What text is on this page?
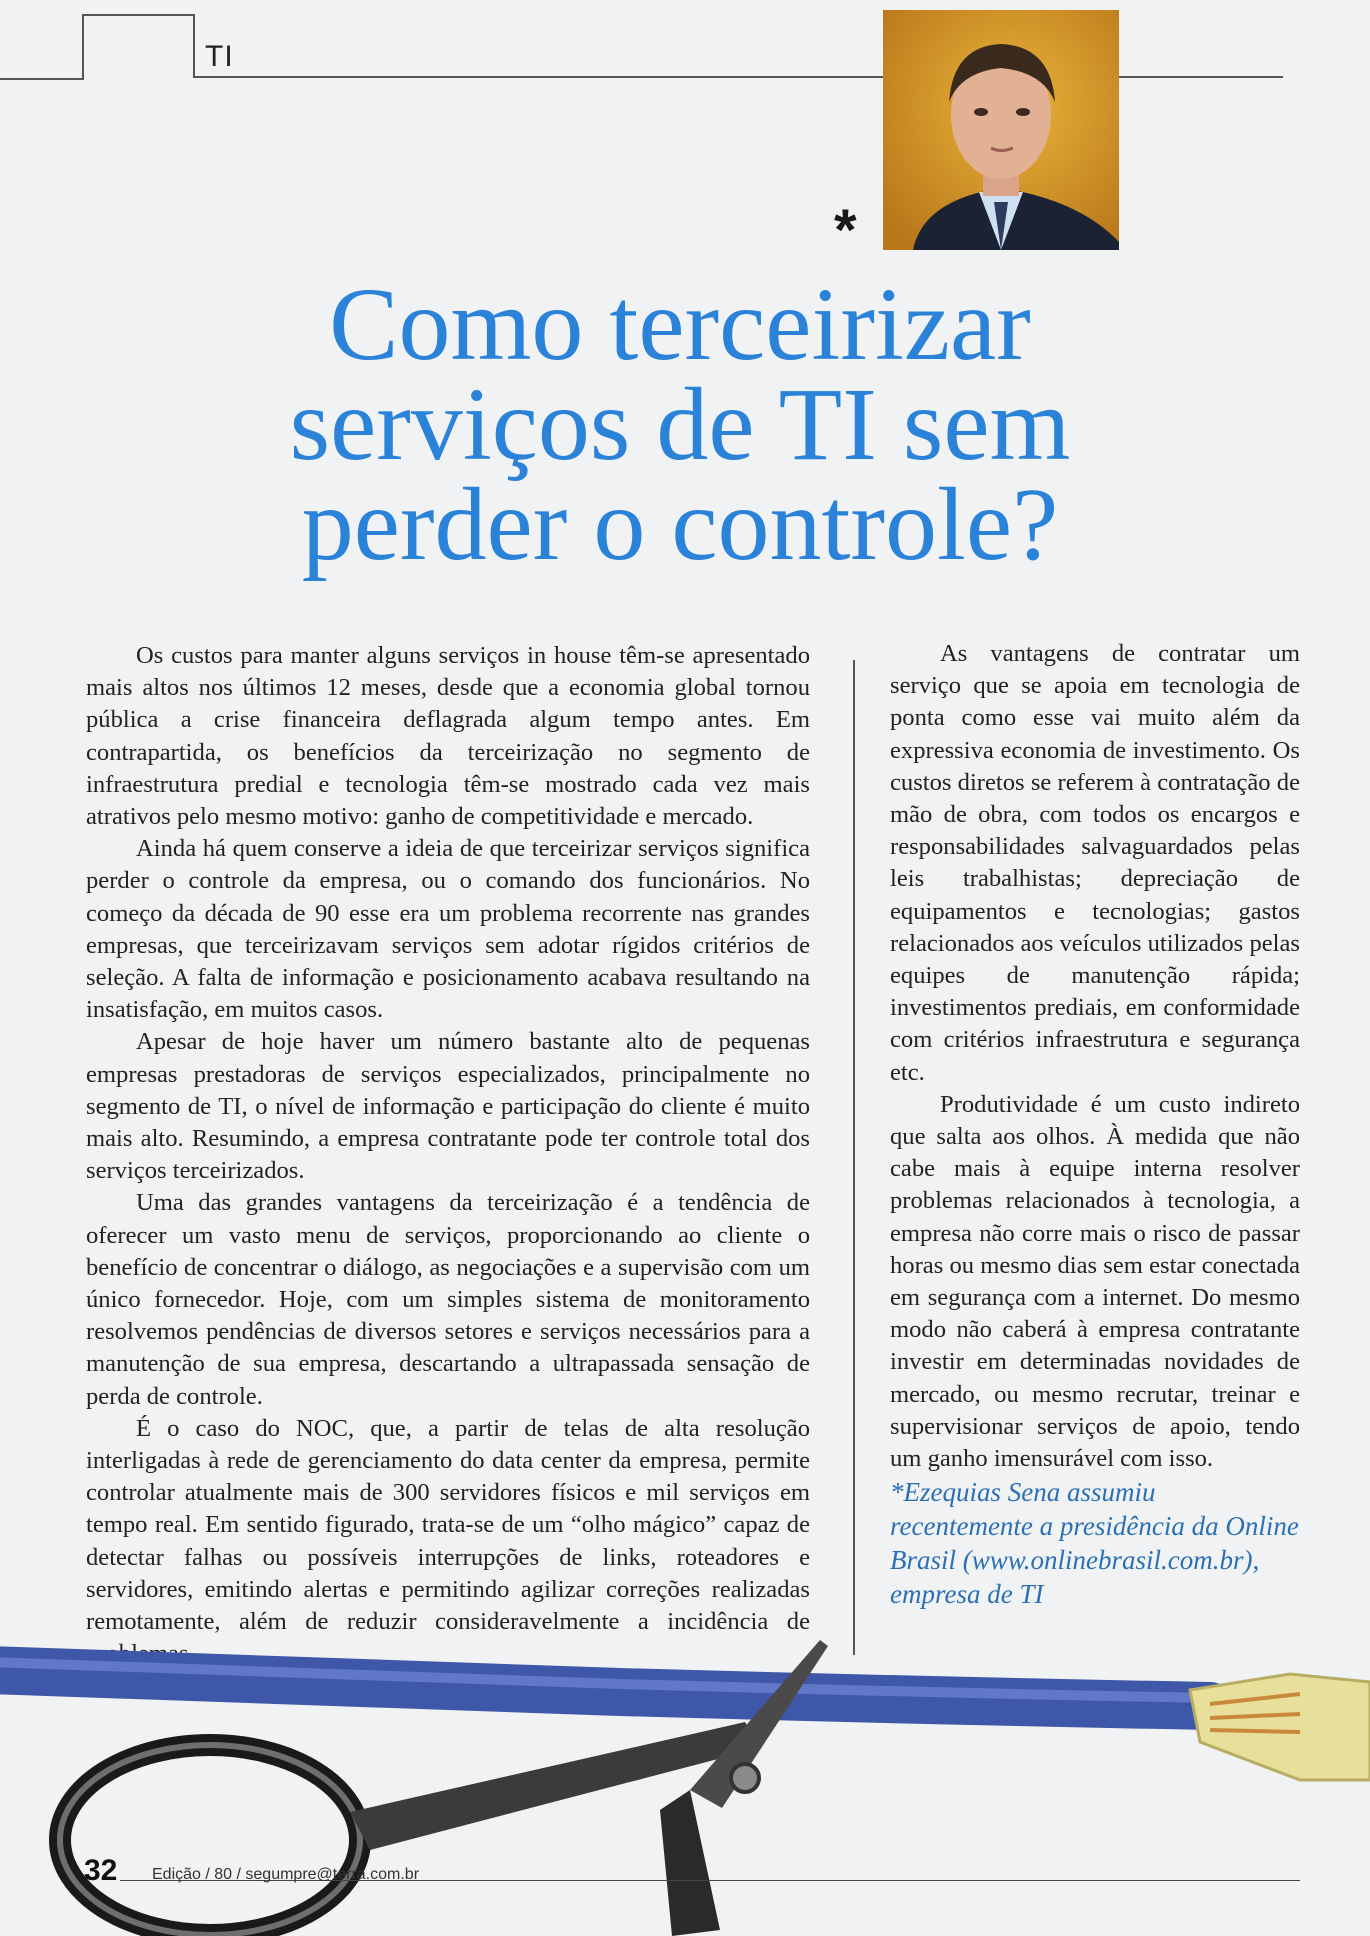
TI
*
Como terceirizar
serviços de TI sem
perder o controle?

Os custos para manter alguns serviços in house têm-se apresentado mais altos nos últimos 12 meses, desde que a economia global tornou pública a crise financeira deflagrada algum tempo antes. Em contrapartida, os benefícios da terceirização no segmento de infraestrutura predial e tecnologia têm-se mostrado cada vez mais atrativos pelo mesmo motivo: ganho de competitividade e mercado.

Ainda há quem conserve a ideia de que terceirizar serviços significa perder o controle da empresa, ou o comando dos funcionários. No começo da década de 90 esse era um problema recorrente nas grandes empresas, que terceirizavam serviços sem adotar rígidos critérios de seleção. A falta de informação e posicionamento acabava resultando na insatisfação, em muitos casos.

Apesar de hoje haver um número bastante alto de pequenas empresas prestadoras de serviços especializados, principalmente no segmento de TI, o nível de informação e participação do cliente é muito mais alto. Resumindo, a empresa contratante pode ter controle total dos serviços terceirizados.

Uma das grandes vantagens da terceirização é a tendência de oferecer um vasto menu de serviços, proporcionando ao cliente o benefício de concentrar o diálogo, as negociações e a supervisão com um único fornecedor. Hoje, com um simples sistema de monitoramento resolvemos pendências de diversos setores e serviços necessários para a manutenção de sua empresa, descartando a ultrapassada sensação de perda de controle.

É o caso do NOC, que, a partir de telas de alta resolução interligadas à rede de gerenciamento do data center da empresa, permite controlar atualmente mais de 300 servidores físicos e mil serviços em tempo real. Em sentido figurado, trata-se de um “olho mágico” capaz de detectar falhas ou possíveis interrupções de links, roteadores e servidores, emitindo alertas e permitindo agilizar correções realizadas remotamente, além de reduzir consideravelmente a incidência de problemas.

As vantagens de contratar um serviço que se apoia em tecnologia de ponta como esse vai muito além da expressiva economia de investimento. Os custos diretos se referem à contratação de mão de obra, com todos os encargos e responsabilidades salvaguardados pelas leis trabalhistas; depreciação de equipamentos e tecnologias; gastos relacionados aos veículos utilizados pelas equipes de manutenção rápida; investimentos prediais, em conformidade com critérios infraestrutura e segurança etc.

Produtividade é um custo indireto que salta aos olhos. À medida que não cabe mais à equipe interna resolver problemas relacionados à tecnologia, a empresa não corre mais o risco de passar horas ou mesmo dias sem estar conectada em segurança com a internet. Do mesmo modo não caberá à empresa contratante investir em determinadas novidades de mercado, ou mesmo recrutar, treinar e supervisionar serviços de apoio, tendo um ganho imensurável com isso.

*Ezequias Sena assumiu recentemente a presidência da Online Brasil (www.onlinebrasil.com.br), empresa de TI

32 Edição / 80 / segumpre@terra.com.br
